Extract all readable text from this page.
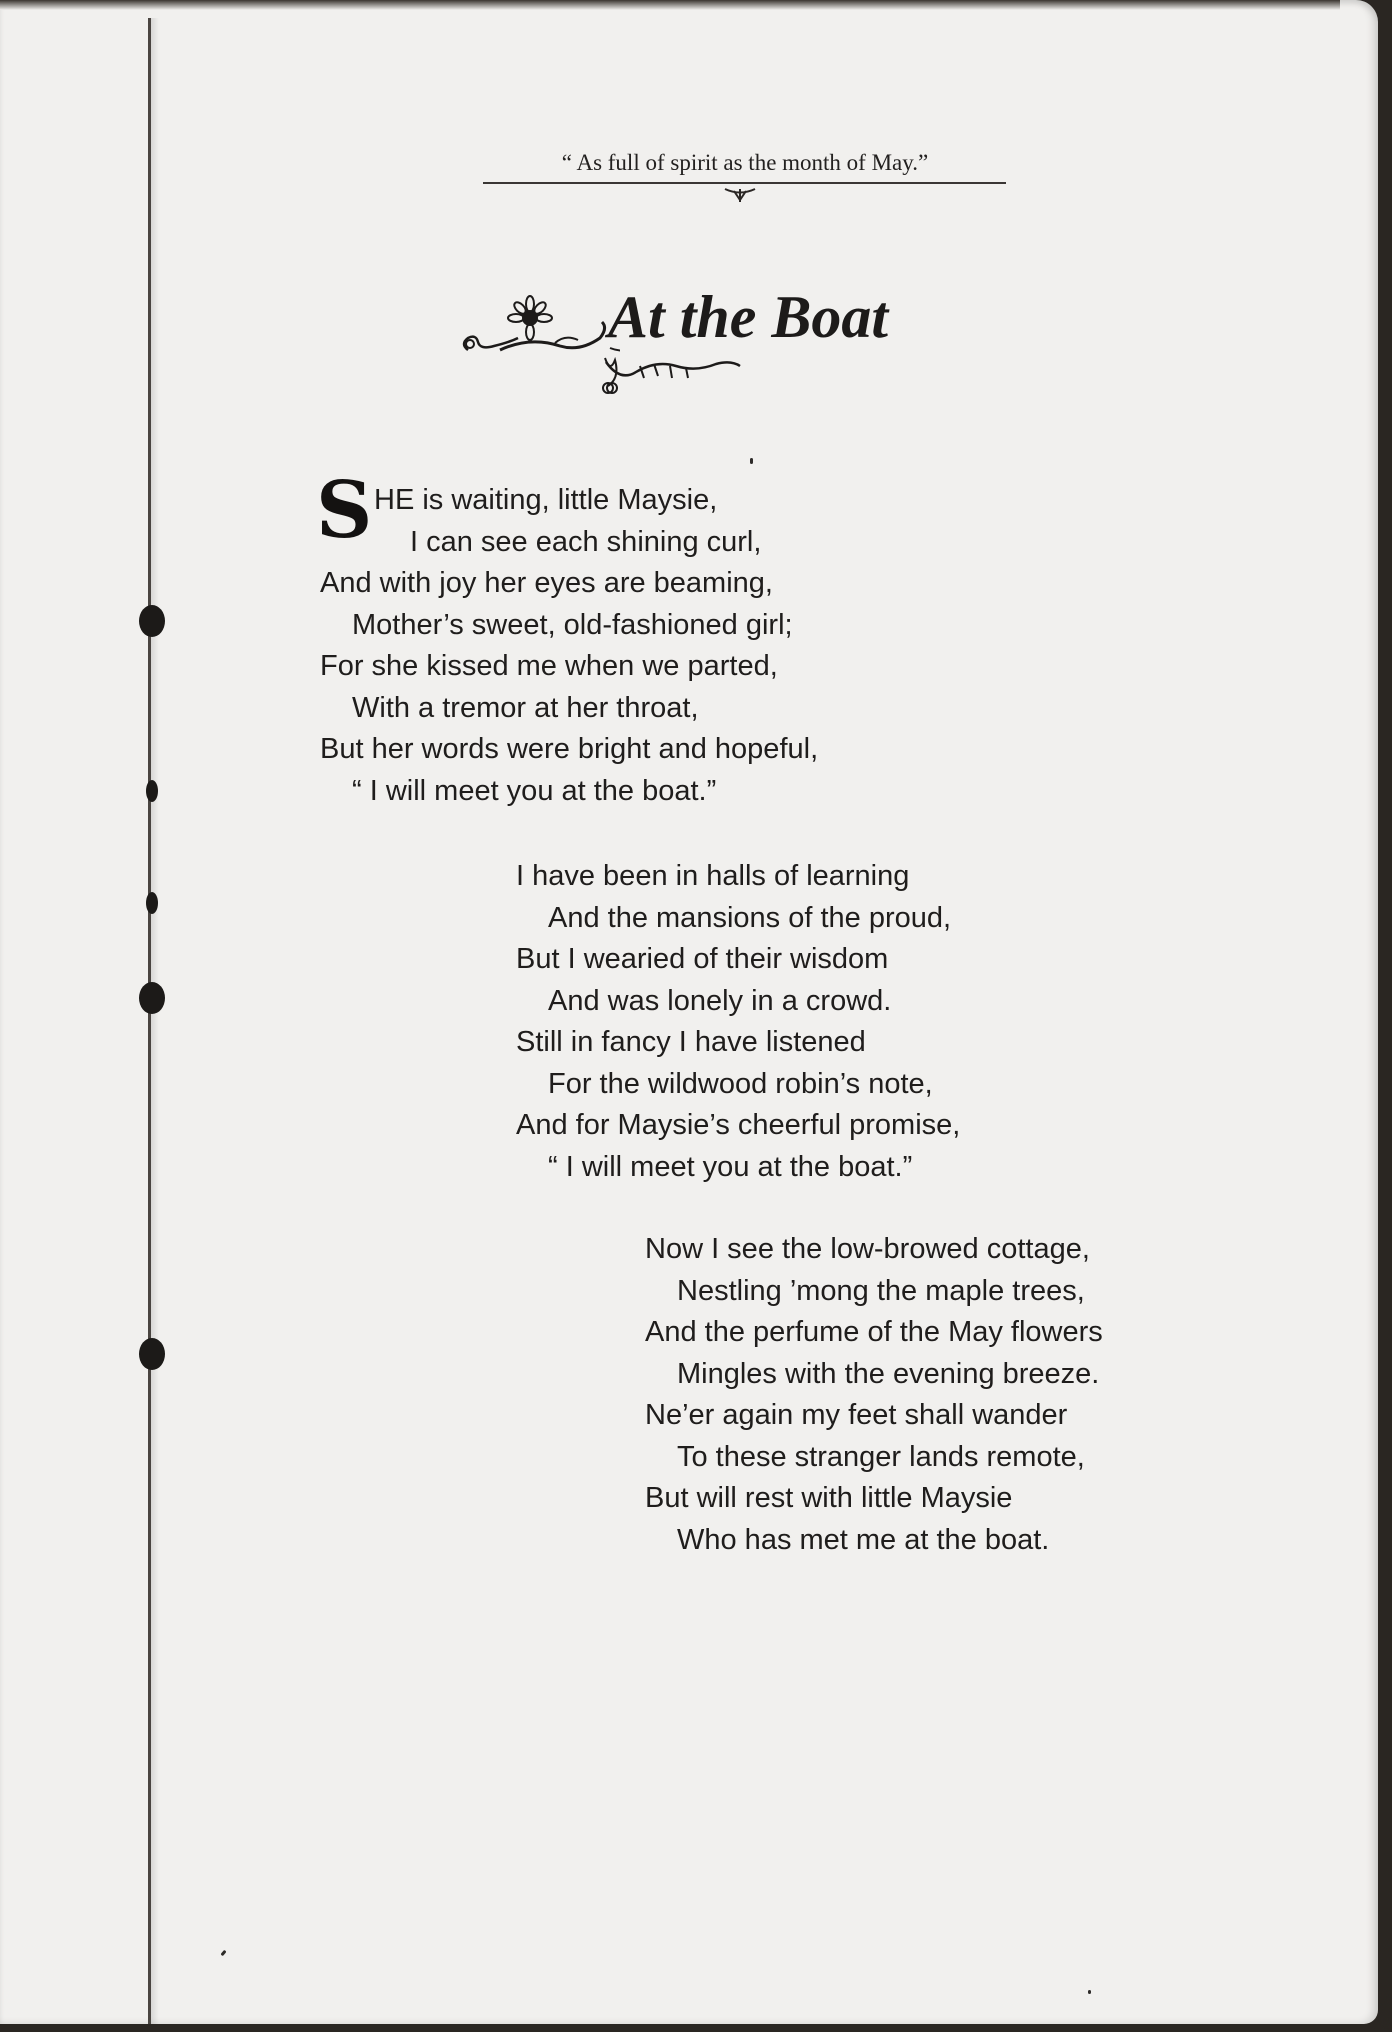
“ As full of spirit as the month of May.”
At the Boat
S HE is waiting, little Maysie,
I can see each shining curl,
And with joy her eyes are beaming,
Mother’s sweet, old-fashioned girl;
For she kissed me when we parted,
With a tremor at her throat,
But her words were bright and hopeful,
“ I will meet you at the boat.”
I have been in halls of learning
And the mansions of the proud,
But I wearied of their wisdom
And was lonely in a crowd.
Still in fancy I have listened
For the wildwood robin’s note,
And for Maysie’s cheerful promise,
“ I will meet you at the boat.”
Now I see the low-browed cottage,
Nestling ’mong the maple trees,
And the perfume of the May flowers
Mingles with the evening breeze.
Ne’er again my feet shall wander
To these stranger lands remote,
But will rest with little Maysie
Who has met me at the boat.
